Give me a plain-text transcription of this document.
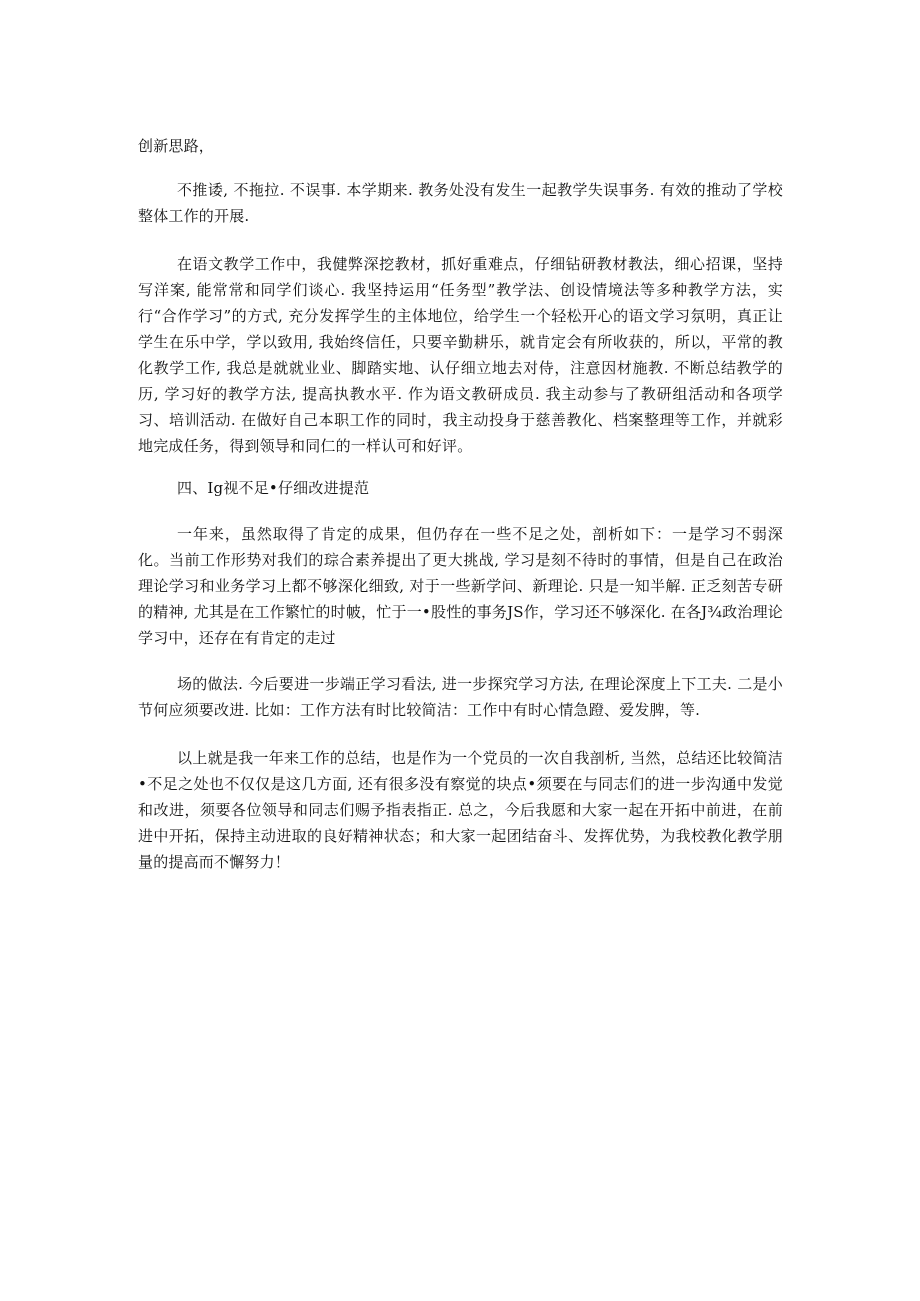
创新思路，

不推诿, 不拖拉. 不误事. 本学期来. 教务处没有发生一起教学失误事务. 有效的推动了学校整体工作的开展.

在语文教学工作中，我健弊深挖教材，抓好重难点，仔细钻研教材教法，细心招课，坚持写洋案, 能常常和同学们谈心. 我坚持运用“任务型”教学法、创设情境法等多种教学方法，实行“合作学习”的方式, 充分发挥学生的主体地位，给学生一个轻松开心的语文学习氛明，真正让学生在乐中学，学以致用, 我始终信任，只要辛勤耕乐，就肯定会有所收获的，所以，平常的教化教学工作, 我总是就就业业、脚踏实地、认仔细立地去对侍，注意因材施教. 不断总结教学的历, 学习好的教学方法, 提高执教水平. 作为语文教研成员. 我主动参与了教研组活动和各项学习、培训活动. 在做好自己本职工作的同时，我主动投身于慈善教化、档案整理等工作，并就彩地完成任务，得到领导和同仁的一样认可和好评。

四、Ig视不足•仔细改进提范

一年来，虽然取得了肯定的成果，但仍存在一些不足之处，剖析如下：一是学习不弱深化。当前工作形势对我们的琮合素养提出了更大挑战, 学习是刻不待时的事情，但是自己在政治理论学习和业务学习上都不够深化细致, 对于一些新学问、新理论. 只是一知半解. 正乏刻苦专研的精神, 尤其是在工作繁忙的时帔，忙于一•股性的事务JS作，学习还不够深化. 在各J¾政治理论学习中，还存在有肯定的走过

场的做法. 今后要进一步端正学习看法, 进一步探究学习方法, 在理论深度上下工夫. 二是小节何应须要改进. 比如：工作方法有时比较简洁：工作中有时心情急蹬、爱发脾，等.

以上就是我一年来工作的总结，也是作为一个党员的一次自我剖析, 当然，总结还比较简洁•不足之处也不仅仅是这几方面, 还有很多没有察觉的块点•须要在与同志们的进一步沟通中发觉和改进，须要各位领导和同志们赐予指表指正. 总之，今后我愿和大家一起在开拓中前进，在前进中开拓，保持主动进取的良好精神状态；和大家一起团结奋斗、发挥优势，为我校教化教学朋量的提高而不懈努力！
